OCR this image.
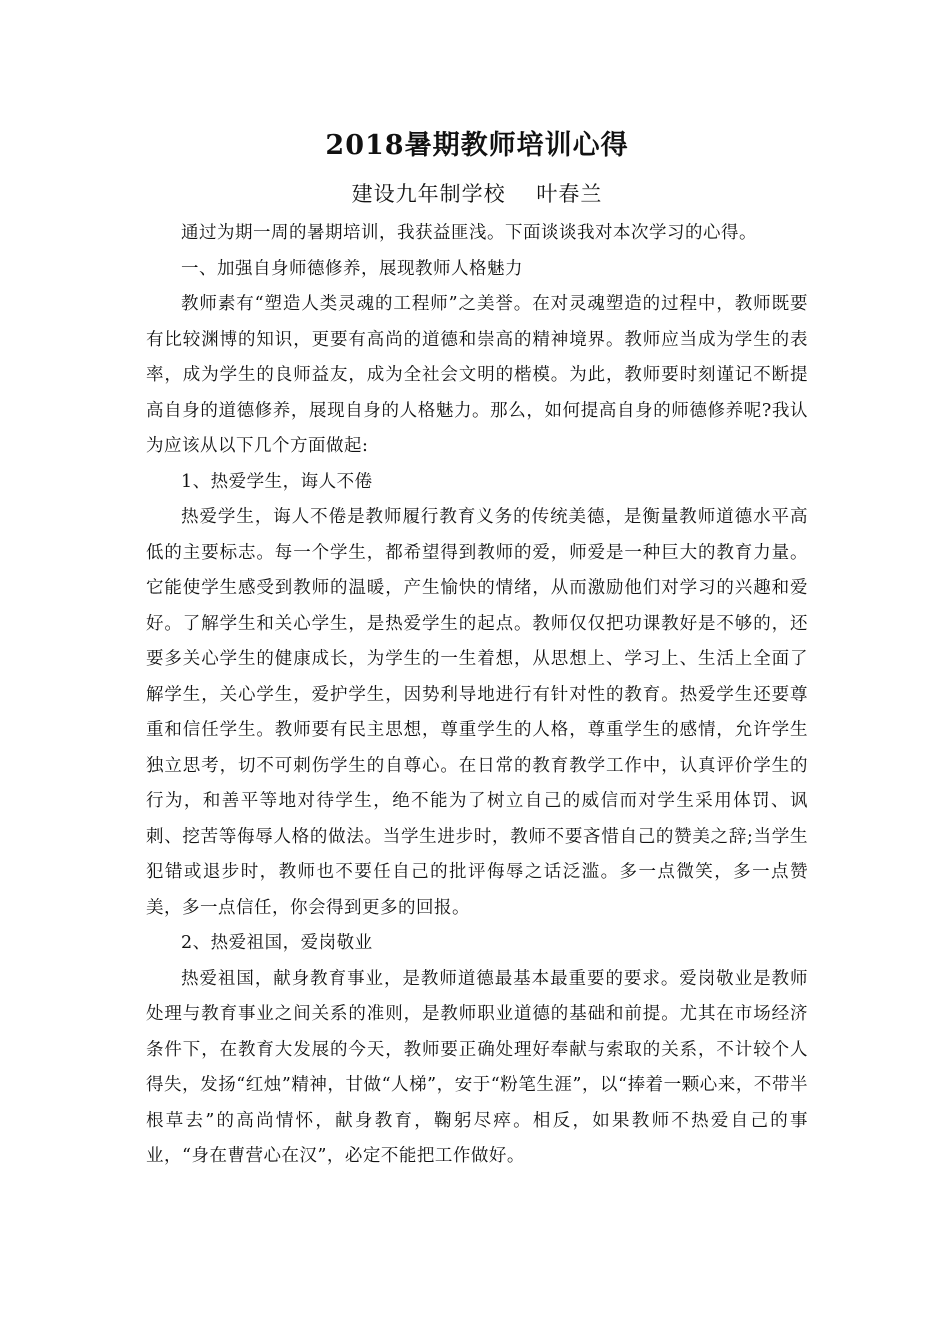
2018暑期教师培训心得
建设九年制学校    叶春兰

通过为期一周的暑期培训，我获益匪浅。下面谈谈我对本次学习的心得。

一、加强自身师德修养，展现教师人格魅力

教师素有“塑造人类灵魂的工程师”之美誉。在对灵魂塑造的过程中，教师既要有比较渊博的知识，更要有高尚的道德和崇高的精神境界。教师应当成为学生的表率，成为学生的良师益友，成为全社会文明的楷模。为此，教师要时刻谨记不断提高自身的道德修养，展现自身的人格魅力。那么，如何提高自身的师德修养呢?我认为应该从以下几个方面做起:

1、热爱学生，诲人不倦

热爱学生，诲人不倦是教师履行教育义务的传统美德，是衡量教师道德水平高低的主要标志。每一个学生，都希望得到教师的爱，师爱是一种巨大的教育力量。它能使学生感受到教师的温暖，产生愉快的情绪，从而激励他们对学习的兴趣和爱好。了解学生和关心学生，是热爱学生的起点。教师仅仅把功课教好是不够的，还要多关心学生的健康成长，为学生的一生着想，从思想上、学习上、生活上全面了解学生，关心学生，爱护学生，因势利导地进行有针对性的教育。热爱学生还要尊重和信任学生。教师要有民主思想，尊重学生的人格，尊重学生的感情，允许学生独立思考，切不可刺伤学生的自尊心。在日常的教育教学工作中，认真评价学生的行为，和善平等地对待学生，绝不能为了树立自己的威信而对学生采用体罚、讽刺、挖苦等侮辱人格的做法。当学生进步时，教师不要吝惜自己的赞美之辞;当学生犯错或退步时，教师也不要任自己的批评侮辱之话泛滥。多一点微笑，多一点赞美，多一点信任，你会得到更多的回报。

2、热爱祖国，爱岗敬业

热爱祖国，献身教育事业，是教师道德最基本最重要的要求。爱岗敬业是教师处理与教育事业之间关系的准则，是教师职业道德的基础和前提。尤其在市场经济条件下，在教育大发展的今天，教师要正确处理好奉献与索取的关系，不计较个人得失，发扬“红烛”精神，甘做“人梯”，安于“粉笔生涯”，以“捧着一颗心来，不带半根草去”的高尚情怀，献身教育，鞠躬尽瘁。相反，如果教师不热爱自己的事业，“身在曹营心在汉”，必定不能把工作做好。
